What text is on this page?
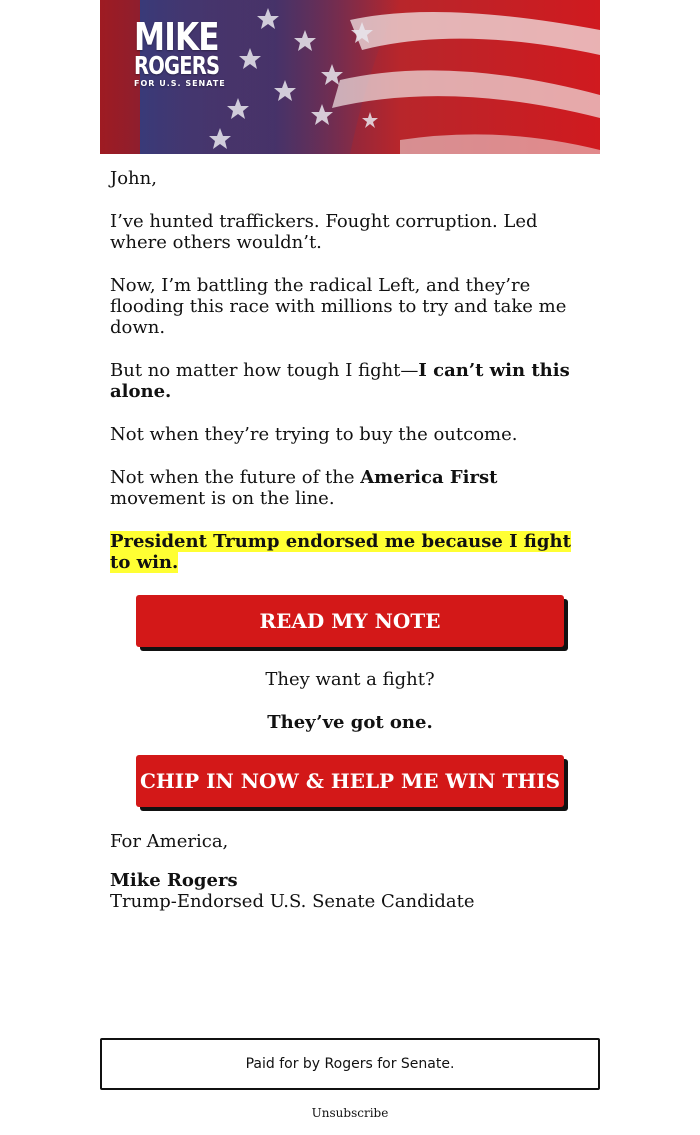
MIKE
ROGERS
FOR U.S. SENATE

John,

I’ve hunted traffickers. Fought corruption. Led where others wouldn’t.

Now, I’m battling the radical Left, and they’re flooding this race with millions to try and take me down.

But no matter how tough I fight—I can’t win this alone.

Not when they’re trying to buy the outcome.

Not when the future of the America First movement is on the line.

President Trump endorsed me because I fight to win.

READ MY NOTE

They want a fight?

They’ve got one.

CHIP IN NOW & HELP ME WIN THIS

For America,

Mike Rogers
Trump-Endorsed U.S. Senate Candidate

Paid for by Rogers for Senate.
Unsubscribe
